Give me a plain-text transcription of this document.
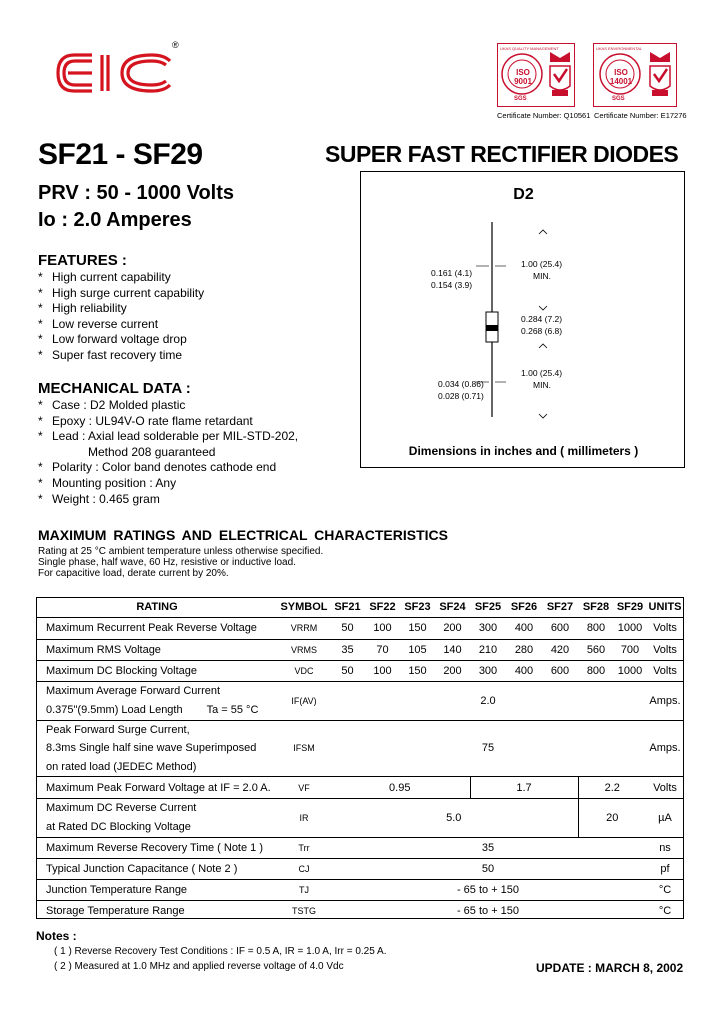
®	UKAS QUALITY MANAGEMENT
ISO 9001
SGS
Certificate Number: Q10561
UKAS ENVIRONMENTAL
ISO 14001
SGS
Certificate Number: E17276
SF21 - SF29	SUPER FAST RECTIFIER DIODES
PRV : 50 - 1000 Volts
Io : 2.0 Amperes
FEATURES :
* High current capability
* High surge current capability
* High reliability
* Low reverse current
* Low forward voltage drop
* Super fast recovery time
MECHANICAL DATA :
* Case : D2 Molded plastic
* Epoxy : UL94V-O rate flame retardant
* Lead : Axial lead solderable per MIL-STD-202,
Method 208 guaranteed
* Polarity : Color band denotes cathode end
* Mounting position : Any
* Weight : 0.465 gram
D2
1.00 (25.4)
MIN.
0.161 (4.1)
0.154 (3.9)
0.284 (7.2)
0.268 (6.8)
1.00 (25.4)
MIN.
0.034 (0.86)
0.028 (0.71)
Dimensions in inches and ( millimeters )
MAXIMUM RATINGS AND ELECTRICAL CHARACTERISTICS
Rating at 25 °C ambient temperature unless otherwise specified.
Single phase, half wave, 60 Hz, resistive or inductive load.
For capacitive load, derate current by 20%.
RATING	SYMBOL	SF21	SF22	SF23	SF24	SF25	SF26	SF27	SF28	SF29	UNITS
Maximum Recurrent Peak Reverse Voltage	VRRM	50	100	150	200	300	400	600	800	1000	Volts
Maximum RMS Voltage	VRMS	35	70	105	140	210	280	420	560	700	Volts
Maximum DC Blocking Voltage	VDC	50	100	150	200	300	400	600	800	1000	Volts

Maximum Average Forward Current
0.375"(9.5mm) Load Length Ta = 55 °C	IF(AV)	2.0									Amps.

Peak Forward Surge Current,
8.3ms Single half sine wave Superimposed
on rated load (JEDEC Method)	IFSM	75									Amps.
Maximum Peak Forward Voltage at IF = 2.0 A.	VF	0.95				1.7			2.2		Volts

Maximum DC Reverse Current
at Rated DC Blocking Voltage	IR	5.0							20		µA
Maximum Reverse Recovery Time ( Note 1 )	Trr	35									ns
Typical Junction Capacitance ( Note 2 )	CJ	50									pf
Junction Temperature Range	TJ	- 65 to + 150									°C
Storage Temperature Range	TSTG	- 65 to + 150									°C
Notes :
( 1 ) Reverse Recovery Test Conditions : IF = 0.5 A, IR = 1.0 A, Irr = 0.25 A.
( 2 ) Measured at 1.0 MHz and applied reverse voltage of 4.0 Vdc	UPDATE : MARCH 8, 2002
